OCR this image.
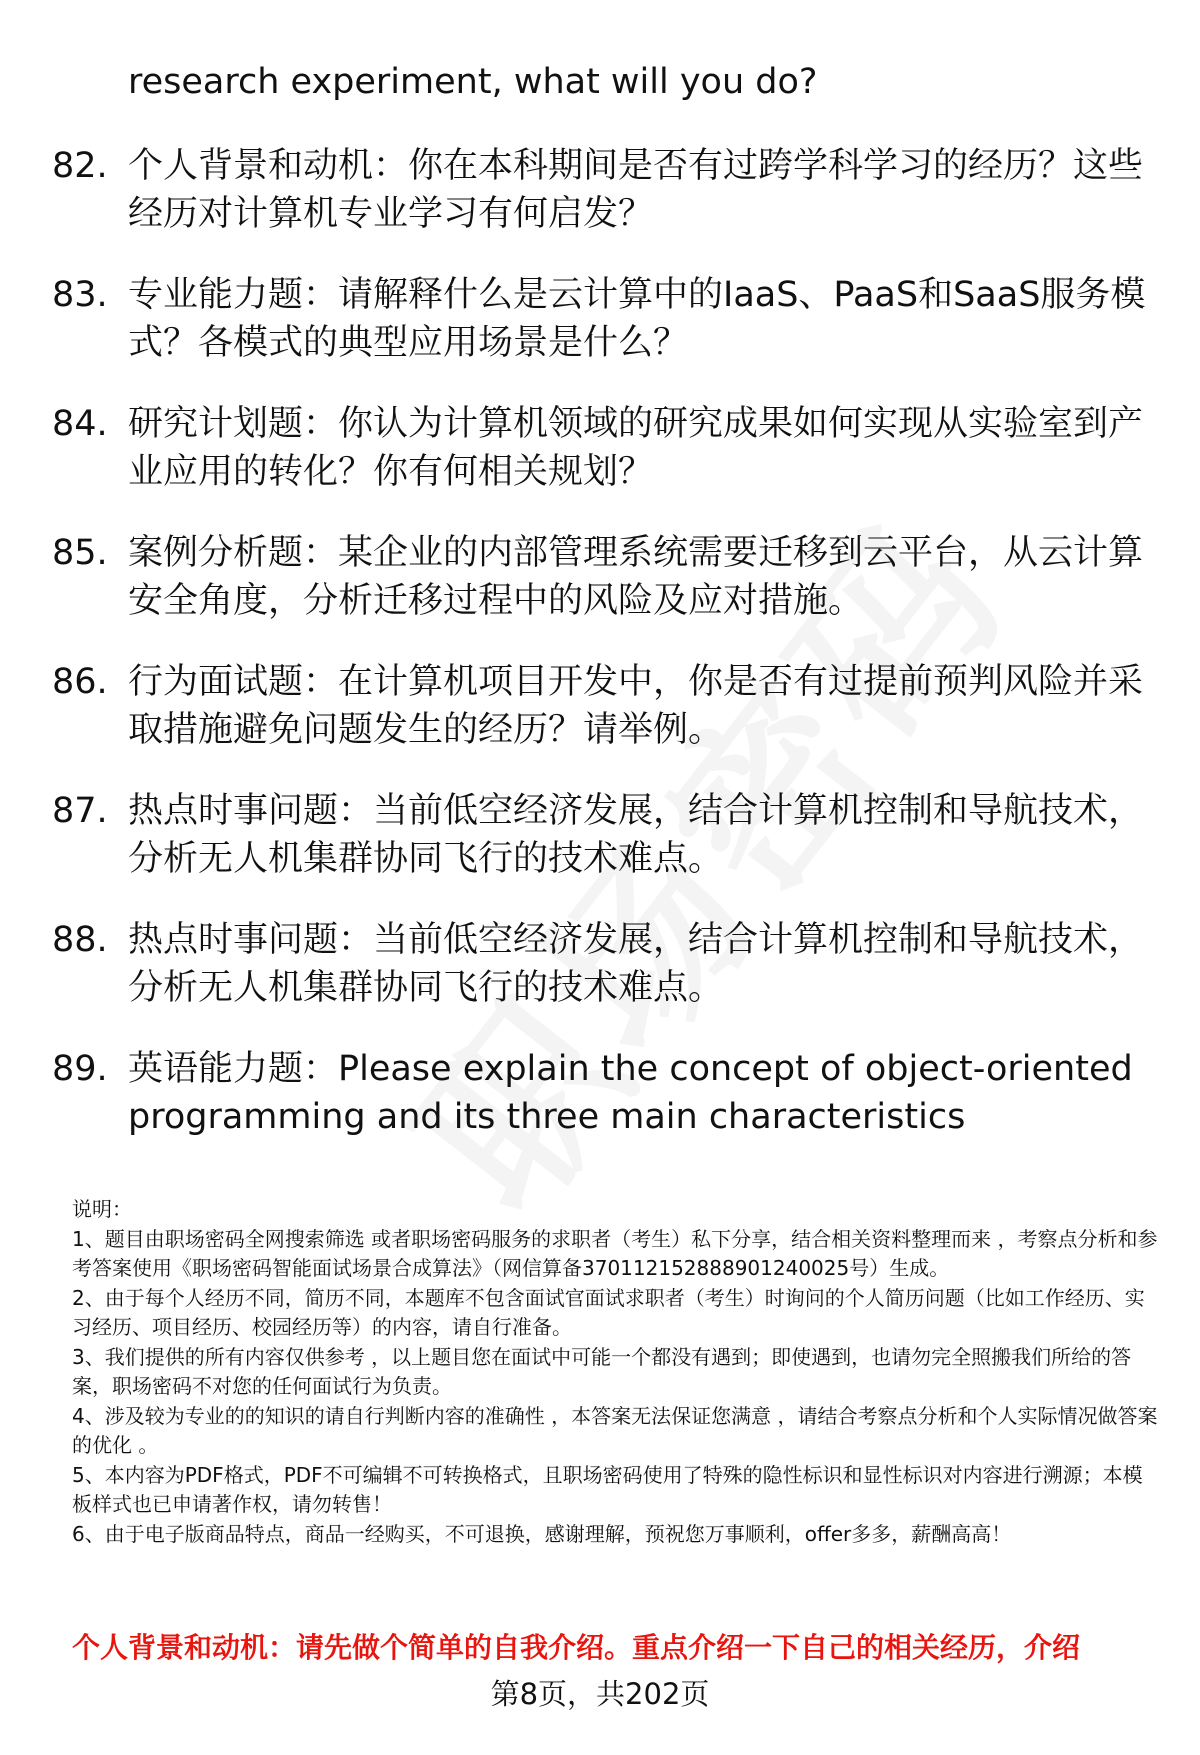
research experiment, what will you do?
82. 个人背景和动机：你在本科期间是否有过跨学科学习的经历？这些经历对计算机专业学习有何启发？
83. 专业能力题：请解释什么是云计算中的IaaS、PaaS和SaaS服务模式？各模式的典型应用场景是什么？
84. 研究计划题：你认为计算机领域的研究成果如何实现从实验室到产业应用的转化？你有何相关规划？
85. 案例分析题：某企业的内部管理系统需要迁移到云平台，从云计算安全角度，分析迁移过程中的风险及应对措施。
86. 行为面试题：在计算机项目开发中，你是否有过提前预判风险并采取措施避免问题发生的经历？请举例。
87. 热点时事问题：当前低空经济发展，结合计算机控制和导航技术，分析无人机集群协同飞行的技术难点。
88. 热点时事问题：当前低空经济发展，结合计算机控制和导航技术，分析无人机集群协同飞行的技术难点。
89. 英语能力题：Please explain the concept of object-oriented programming and its three main characteristics

说明：

1、题目由职场密码全网搜索筛选 或者职场密码服务的求职者（考生）私下分享，结合相关资料整理而来 ，考察点分析和参考答案使用《职场密码智能面试场景合成算法》（网信算备370112152888901240025号）生成。

2、由于每个人经历不同，简历不同，本题库不包含面试官面试求职者（考生）时询问的个人简历问题（比如工作经历、实习经历、项目经历、校园经历等）的内容，请自行准备。

3、我们提供的所有内容仅供参考 ，以上题目您在面试中可能一个都没有遇到；即使遇到，也请勿完全照搬我们所给的答案，职场密码不对您的任何面试行为负责。

4、涉及较为专业的的知识的请自行判断内容的准确性 ，本答案无法保证您满意 ，请结合考察点分析和个人实际情况做答案的优化 。

5、本内容为PDF格式，PDF不可编辑不可转换格式，且职场密码使用了特殊的隐性标识和显性标识对内容进行溯源；本模板样式也已申请著作权，请勿转售！

6、由于电子版商品特点，商品一经购买，不可退换，感谢理解，预祝您万事顺利，offer多多，薪酬高高！

个人背景和动机：请先做个简单的自我介绍。重点介绍一下自己的相关经历，介绍
第8页，共202页
